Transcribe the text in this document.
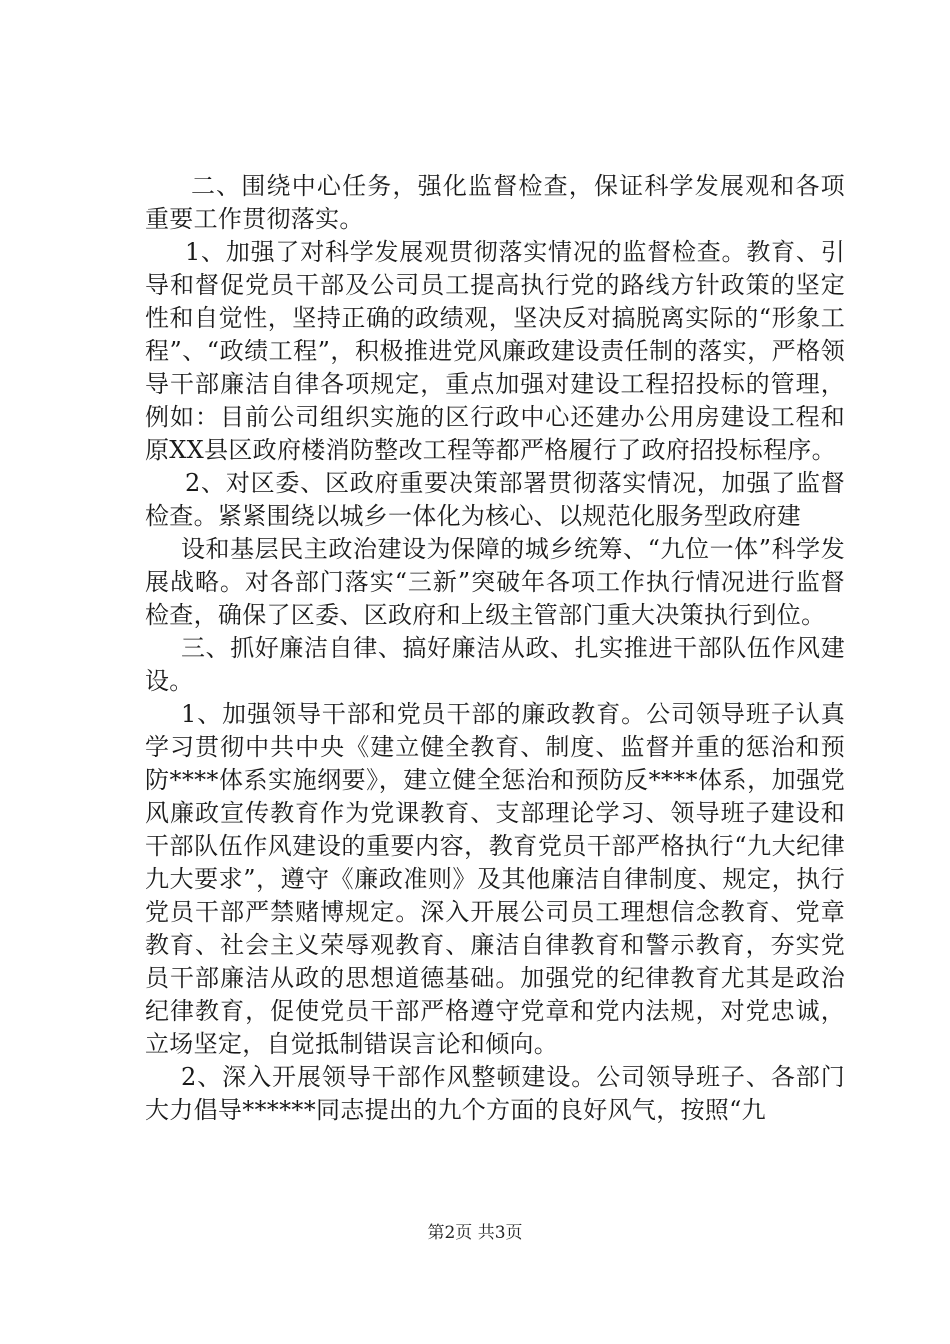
二、围绕中心任务，强化监督检查，保证科学发展观和各项重要工作贯彻落实。

1、加强了对科学发展观贯彻落实情况的监督检查。教育、引导和督促党员干部及公司员工提高执行党的路线方针政策的坚定性和自觉性，坚持正确的政绩观，坚决反对搞脱离实际的“形象工程”、“政绩工程”，积极推进党风廉政建设责任制的落实，严格领导干部廉洁自律各项规定，重点加强对建设工程招投标的管理，例如：目前公司组织实施的区行政中心还建办公用房建设工程和原XX县区政府楼消防整改工程等都严格履行了政府招投标程序。

2、对区委、区政府重要决策部署贯彻落实情况，加强了监督检查。紧紧围绕以城乡一体化为核心、以规范化服务型政府建

设和基层民主政治建设为保障的城乡统筹、“九位一体”科学发展战略。对各部门落实“三新”突破年各项工作执行情况进行监督检查，确保了区委、区政府和上级主管部门重大决策执行到位。

三、抓好廉洁自律、搞好廉洁从政、扎实推进干部队伍作风建设。

1、加强领导干部和党员干部的廉政教育。公司领导班子认真学习贯彻中共中央《建立健全教育、制度、监督并重的惩治和预防****体系实施纲要》，建立健全惩治和预防反****体系，加强党风廉政宣传教育作为党课教育、支部理论学习、领导班子建设和干部队伍作风建设的重要内容，教育党员干部严格执行“九大纪律九大要求”，遵守《廉政准则》及其他廉洁自律制度、规定，执行党员干部严禁赌博规定。深入开展公司员工理想信念教育、党章教育、社会主义荣辱观教育、廉洁自律教育和警示教育，夯实党员干部廉洁从政的思想道德基础。加强党的纪律教育尤其是政治纪律教育，促使党员干部严格遵守党章和党内法规，对党忠诚，立场坚定，自觉抵制错误言论和倾向。

2、深入开展领导干部作风整顿建设。公司领导班子、各部门大力倡导******同志提出的九个方面的良好风气，按照“九

第2页 共3页
